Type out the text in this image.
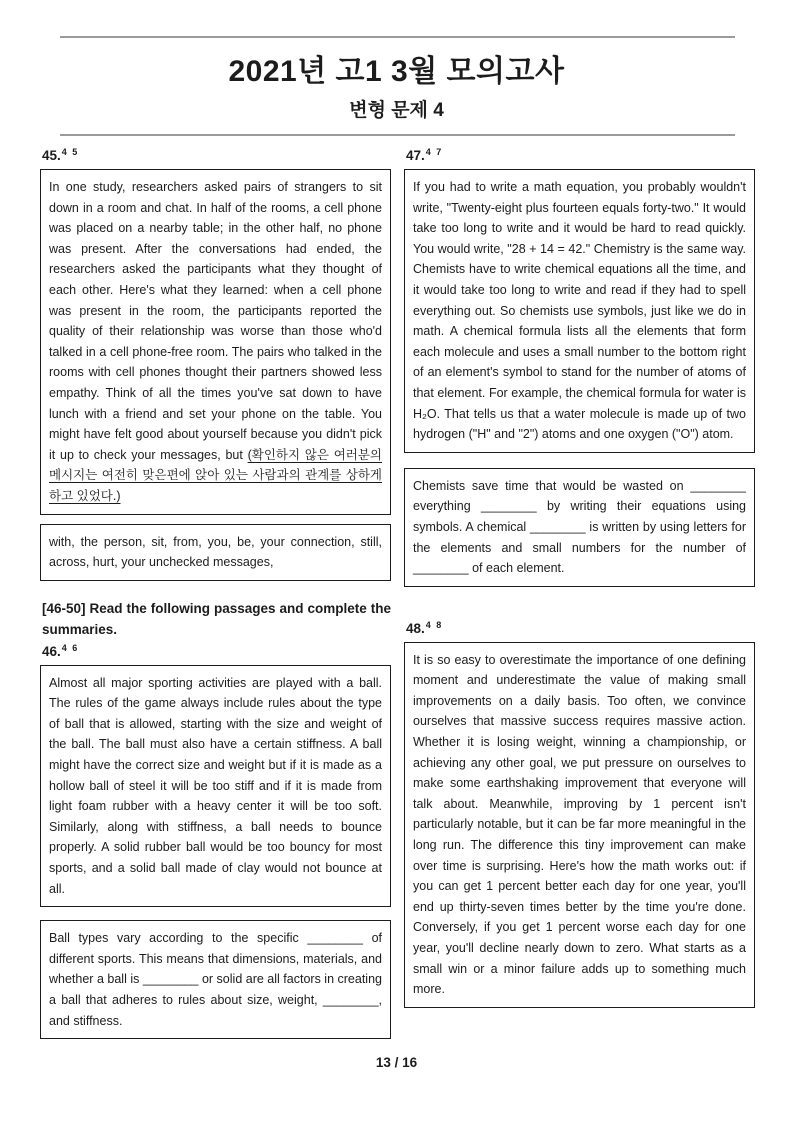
2021년 고1 3월 모의고사
변형 문제 4
45.$^{4 5}$
In one study, researchers asked pairs of strangers to sit down in a room and chat. In half of the rooms, a cell phone was placed on a nearby table; in the other half, no phone was present. After the conversations had ended, the researchers asked the participants what they thought of each other. Here's what they learned: when a cell phone was present in the room, the participants reported the quality of their relationship was worse than those who'd talked in a cell phone-free room. The pairs who talked in the rooms with cell phones thought their partners showed less empathy. Think of all the times you've sat down to have lunch with a friend and set your phone on the table. You might have felt good about yourself because you didn't pick it up to check your messages, but (확인하지 않은 여러분의 메시지는 여전히 맞은편에 앉아 있는 사람과의 관계를 상하게 하고 있었다.)
with, the person, sit, from, you, be, your connection, still, across, hurt, your unchecked messages,

[46-50] Read the following passages and complete the summaries.

46.$^{4 6}$
Almost all major sporting activities are played with a ball. The rules of the game always include rules about the type of ball that is allowed, starting with the size and weight of the ball. The ball must also have a certain stiffness. A ball might have the correct size and weight but if it is made as a hollow ball of steel it will be too stiff and if it is made from light foam rubber with a heavy center it will be too soft. Similarly, along with stiffness, a ball needs to bounce properly. A solid rubber ball would be too bouncy for most sports, and a solid ball made of clay would not bounce at all.
Ball types vary according to the specific ________ of different sports. This means that dimensions, materials, and whether a ball is ________ or solid are all factors in creating a ball that adheres to rules about size, weight, ________, and stiffness.
47.$^{4 7}$
If you had to write a math equation, you probably wouldn't write, "Twenty-eight plus fourteen equals forty-two." It would take too long to write and it would be hard to read quickly. You would write, "28 + 14 = 42." Chemistry is the same way. Chemists have to write chemical equations all the time, and it would take too long to write and read if they had to spell everything out. So chemists use symbols, just like we do in math. A chemical formula lists all the elements that form each molecule and uses a small number to the bottom right of an element's symbol to stand for the number of atoms of that element. For example, the chemical formula for water is H₂O. That tells us that a water molecule is made up of two hydrogen ("H" and "2") atoms and one oxygen ("O") atom.
Chemists save time that would be wasted on ________ everything ________ by writing their equations using symbols. A chemical ________ is written by using letters for the elements and small numbers for the number of ________ of each element.
48.$^{4 8}$
It is so easy to overestimate the importance of one defining moment and underestimate the value of making small improvements on a daily basis. Too often, we convince ourselves that massive success requires massive action. Whether it is losing weight, winning a championship, or achieving any other goal, we put pressure on ourselves to make some earthshaking improvement that everyone will talk about. Meanwhile, improving by 1 percent isn't particularly notable, but it can be far more meaningful in the long run. The difference this tiny improvement can make over time is surprising. Here's how the math works out: if you can get 1 percent better each day for one year, you'll end up thirty-seven times better by the time you're done. Conversely, if you get 1 percent worse each day for one year, you'll decline nearly down to zero. What starts as a small win or a minor failure adds up to something much more.
13 / 16
